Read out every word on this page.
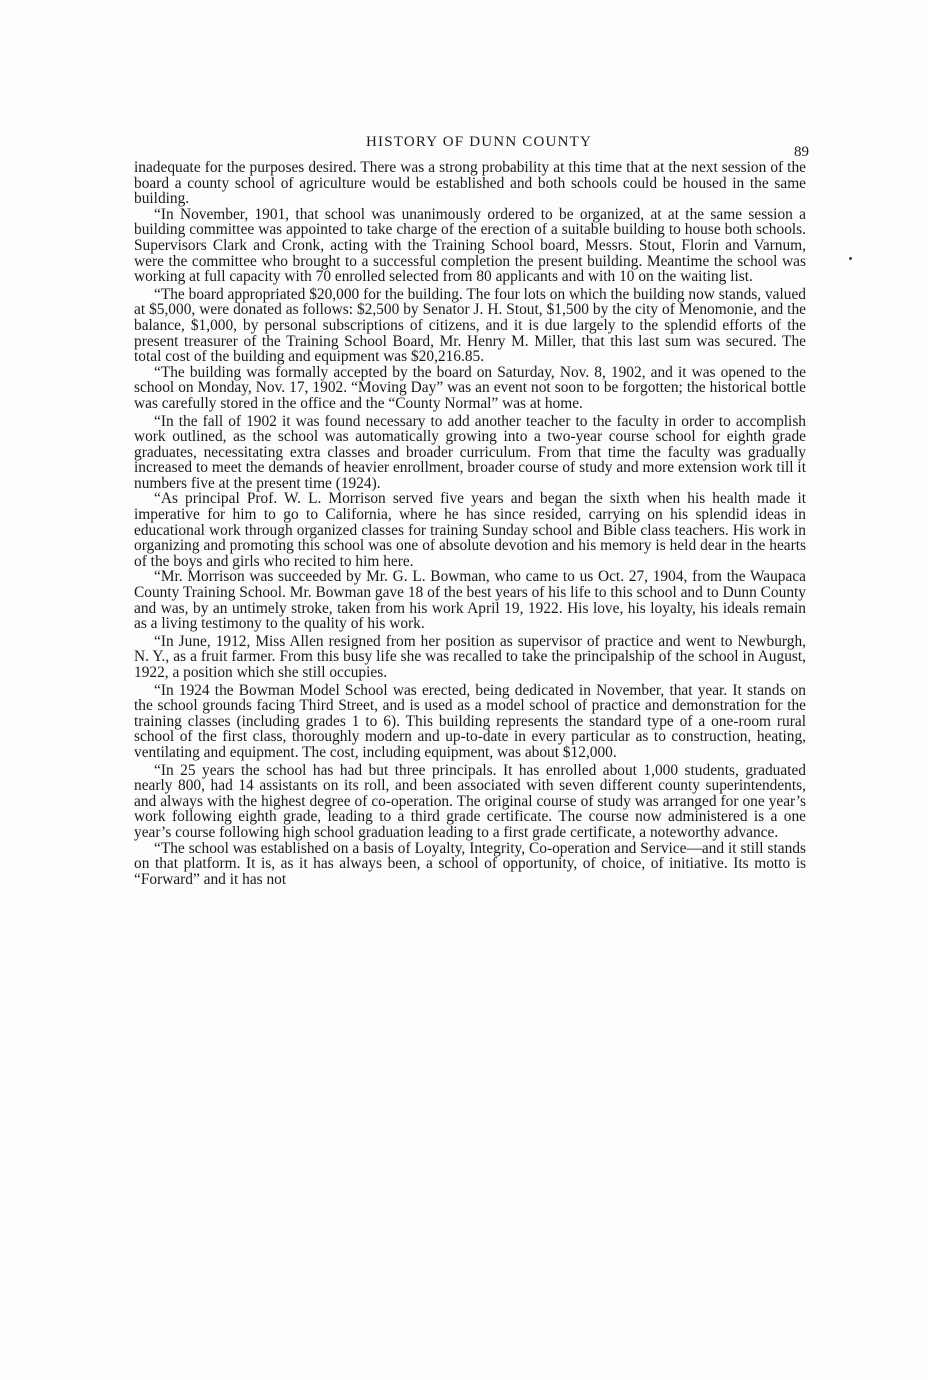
HISTORY OF DUNN COUNTY
89

inadequate for the purposes desired. There was a strong probability at this time that at the next session of the board a county school of agriculture would be established and both schools could be housed in the same building.

“In November, 1901, that school was unanimously ordered to be organized, at at the same session a building committee was appointed to take charge of the erection of a suitable building to house both schools. Supervisors Clark and Cronk, acting with the Training School board, Messrs. Stout, Florin and Varnum, were the committee who brought to a successful completion the present building. Meantime the school was working at full capacity with 70 enrolled selected from 80 applicants and with 10 on the waiting list.

“The board appropriated $20,000 for the building. The four lots on which the building now stands, valued at $5,000, were donated as follows: $2,500 by Senator J. H. Stout, $1,500 by the city of Menomonie, and the balance, $1,000, by personal subscriptions of citizens, and it is due largely to the splendid efforts of the present treasurer of the Training School Board, Mr. Henry M. Miller, that this last sum was secured. The total cost of the building and equipment was $20,216.85.

“The building was formally accepted by the board on Saturday, Nov. 8, 1902, and it was opened to the school on Monday, Nov. 17, 1902. “Moving Day” was an event not soon to be forgotten; the historical bottle was carefully stored in the office and the “County Normal” was at home.

“In the fall of 1902 it was found necessary to add another teacher to the faculty in order to accomplish work outlined, as the school was automatically growing into a two-year course school for eighth grade graduates, necessitating extra classes and broader curriculum. From that time the faculty was gradually increased to meet the demands of heavier enrollment, broader course of study and more extension work till it numbers five at the present time (1924).

“As principal Prof. W. L. Morrison served five years and began the sixth when his health made it imperative for him to go to California, where he has since resided, carrying on his splendid ideas in educational work through organized classes for training Sunday school and Bible class teachers. His work in organizing and promoting this school was one of absolute devotion and his memory is held dear in the hearts of the boys and girls who recited to him here.

“Mr. Morrison was succeeded by Mr. G. L. Bowman, who came to us Oct. 27, 1904, from the Waupaca County Training School. Mr. Bowman gave 18 of the best years of his life to this school and to Dunn County and was, by an untimely stroke, taken from his work April 19, 1922. His love, his loyalty, his ideals remain as a living testimony to the quality of his work.

“In June, 1912, Miss Allen resigned from her position as supervisor of practice and went to Newburgh, N. Y., as a fruit farmer. From this busy life she was recalled to take the principalship of the school in August, 1922, a position which she still occupies.

“In 1924 the Bowman Model School was erected, being dedicated in November, that year. It stands on the school grounds facing Third Street, and is used as a model school of practice and demonstration for the training classes (including grades 1 to 6). This building represents the standard type of a one-room rural school of the first class, thoroughly modern and up-to-date in every particular as to construction, heating, ventilating and equipment. The cost, including equipment, was about $12,000.

“In 25 years the school has had but three principals. It has enrolled about 1,000 students, graduated nearly 800, had 14 assistants on its roll, and been associated with seven different county superintendents, and always with the highest degree of co-operation. The original course of study was arranged for one year’s work following eighth grade, leading to a third grade certificate. The course now administered is a one year’s course following high school graduation leading to a first grade certificate, a noteworthy advance.

“The school was established on a basis of Loyalty, Integrity, Co-operation and Service—and it still stands on that platform. It is, as it has always been, a school of opportunity, of choice, of initiative. Its motto is “Forward” and it has not
